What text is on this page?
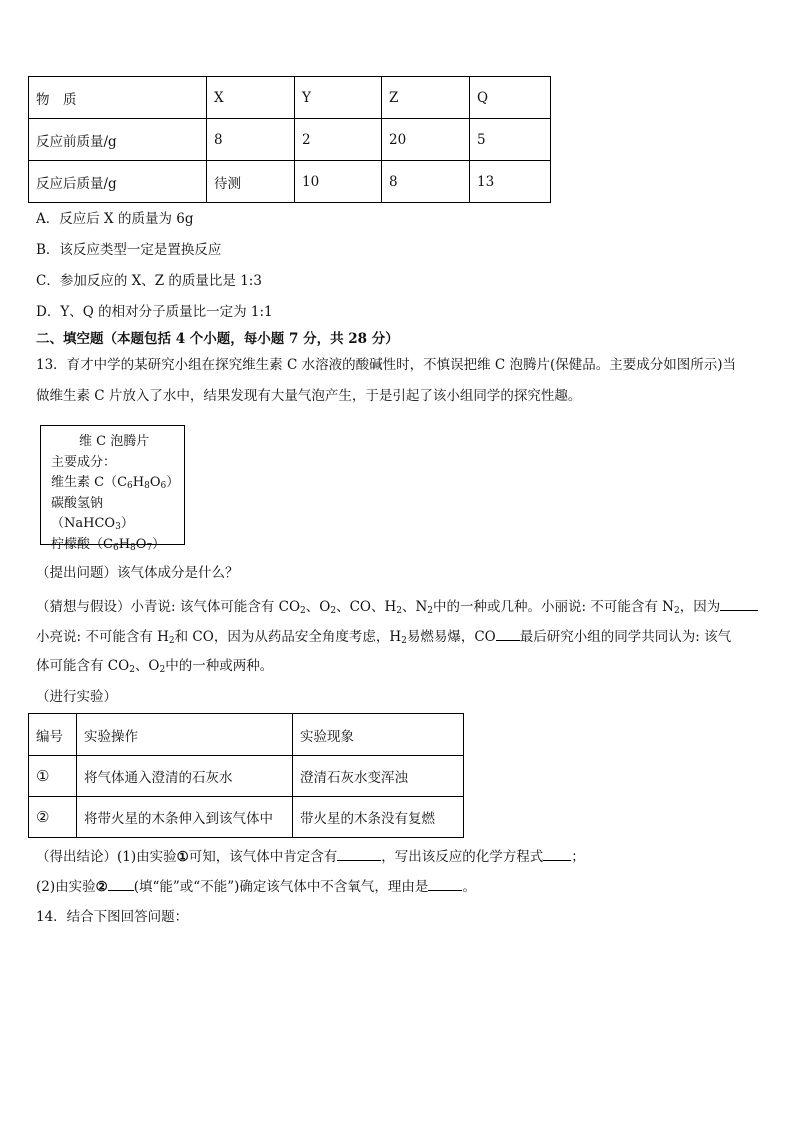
物　质	X	Y	Z	Q
反应前质量/g	8	2	20	5
反应后质量/g	待测	10	8	13
A．反应后 X 的质量为 6g
B．该反应类型一定是置换反应
C．参加反应的 X、Z 的质量比是 1:3
D．Y、Q 的相对分子质量比一定为 1:1
二、填空题（本题包括 4 个小题，每小题 7 分，共 28 分）
13．育才中学的某研究小组在探究维生素 C 水溶液的酸碱性时，不慎误把维 C 泡腾片(保健品。主要成分如图所示)当
做维生素 C 片放入了水中，结果发现有大量气泡产生，于是引起了该小组同学的探究性趣。
维 C 泡腾片
主要成分：
维生素 $C(C_6H_8O_6)$
碳酸氢钠（NaHCO$_3$）
柠檬酸$(C_6H_8O_7)$
（提出问题）该气体成分是什么？
（猜想与假设）小青说: 该气体可能含有 $CO_2$、$O_2$、CO、$H_2$、$N_2$中的一种或几种。小丽说: 不可能含有 $N_2$，因为
小亮说: 不可能含有 $H_2$和 CO，因为从药品安全角度考虑，$H_2$易燃易爆，CO 最后研究小组的同学共同认为: 该气
体可能含有 $CO_2$、$O_2$中的一种或两种。
（进行实验）
编号	实验操作	实验现象
①	将气体通入澄清的石灰水	澄清石灰水变浑浊
②	将带火星的木条伸入到该气体中	带火星的木条没有复燃
（得出结论）(1)由实验①可知，该气体中肯定含有	，写出该反应的化学方程式 ；
(2)由实验② (填“能”或“不能”)确定该气体中不含氧气，理由是	。
14．结合下图回答问题：
